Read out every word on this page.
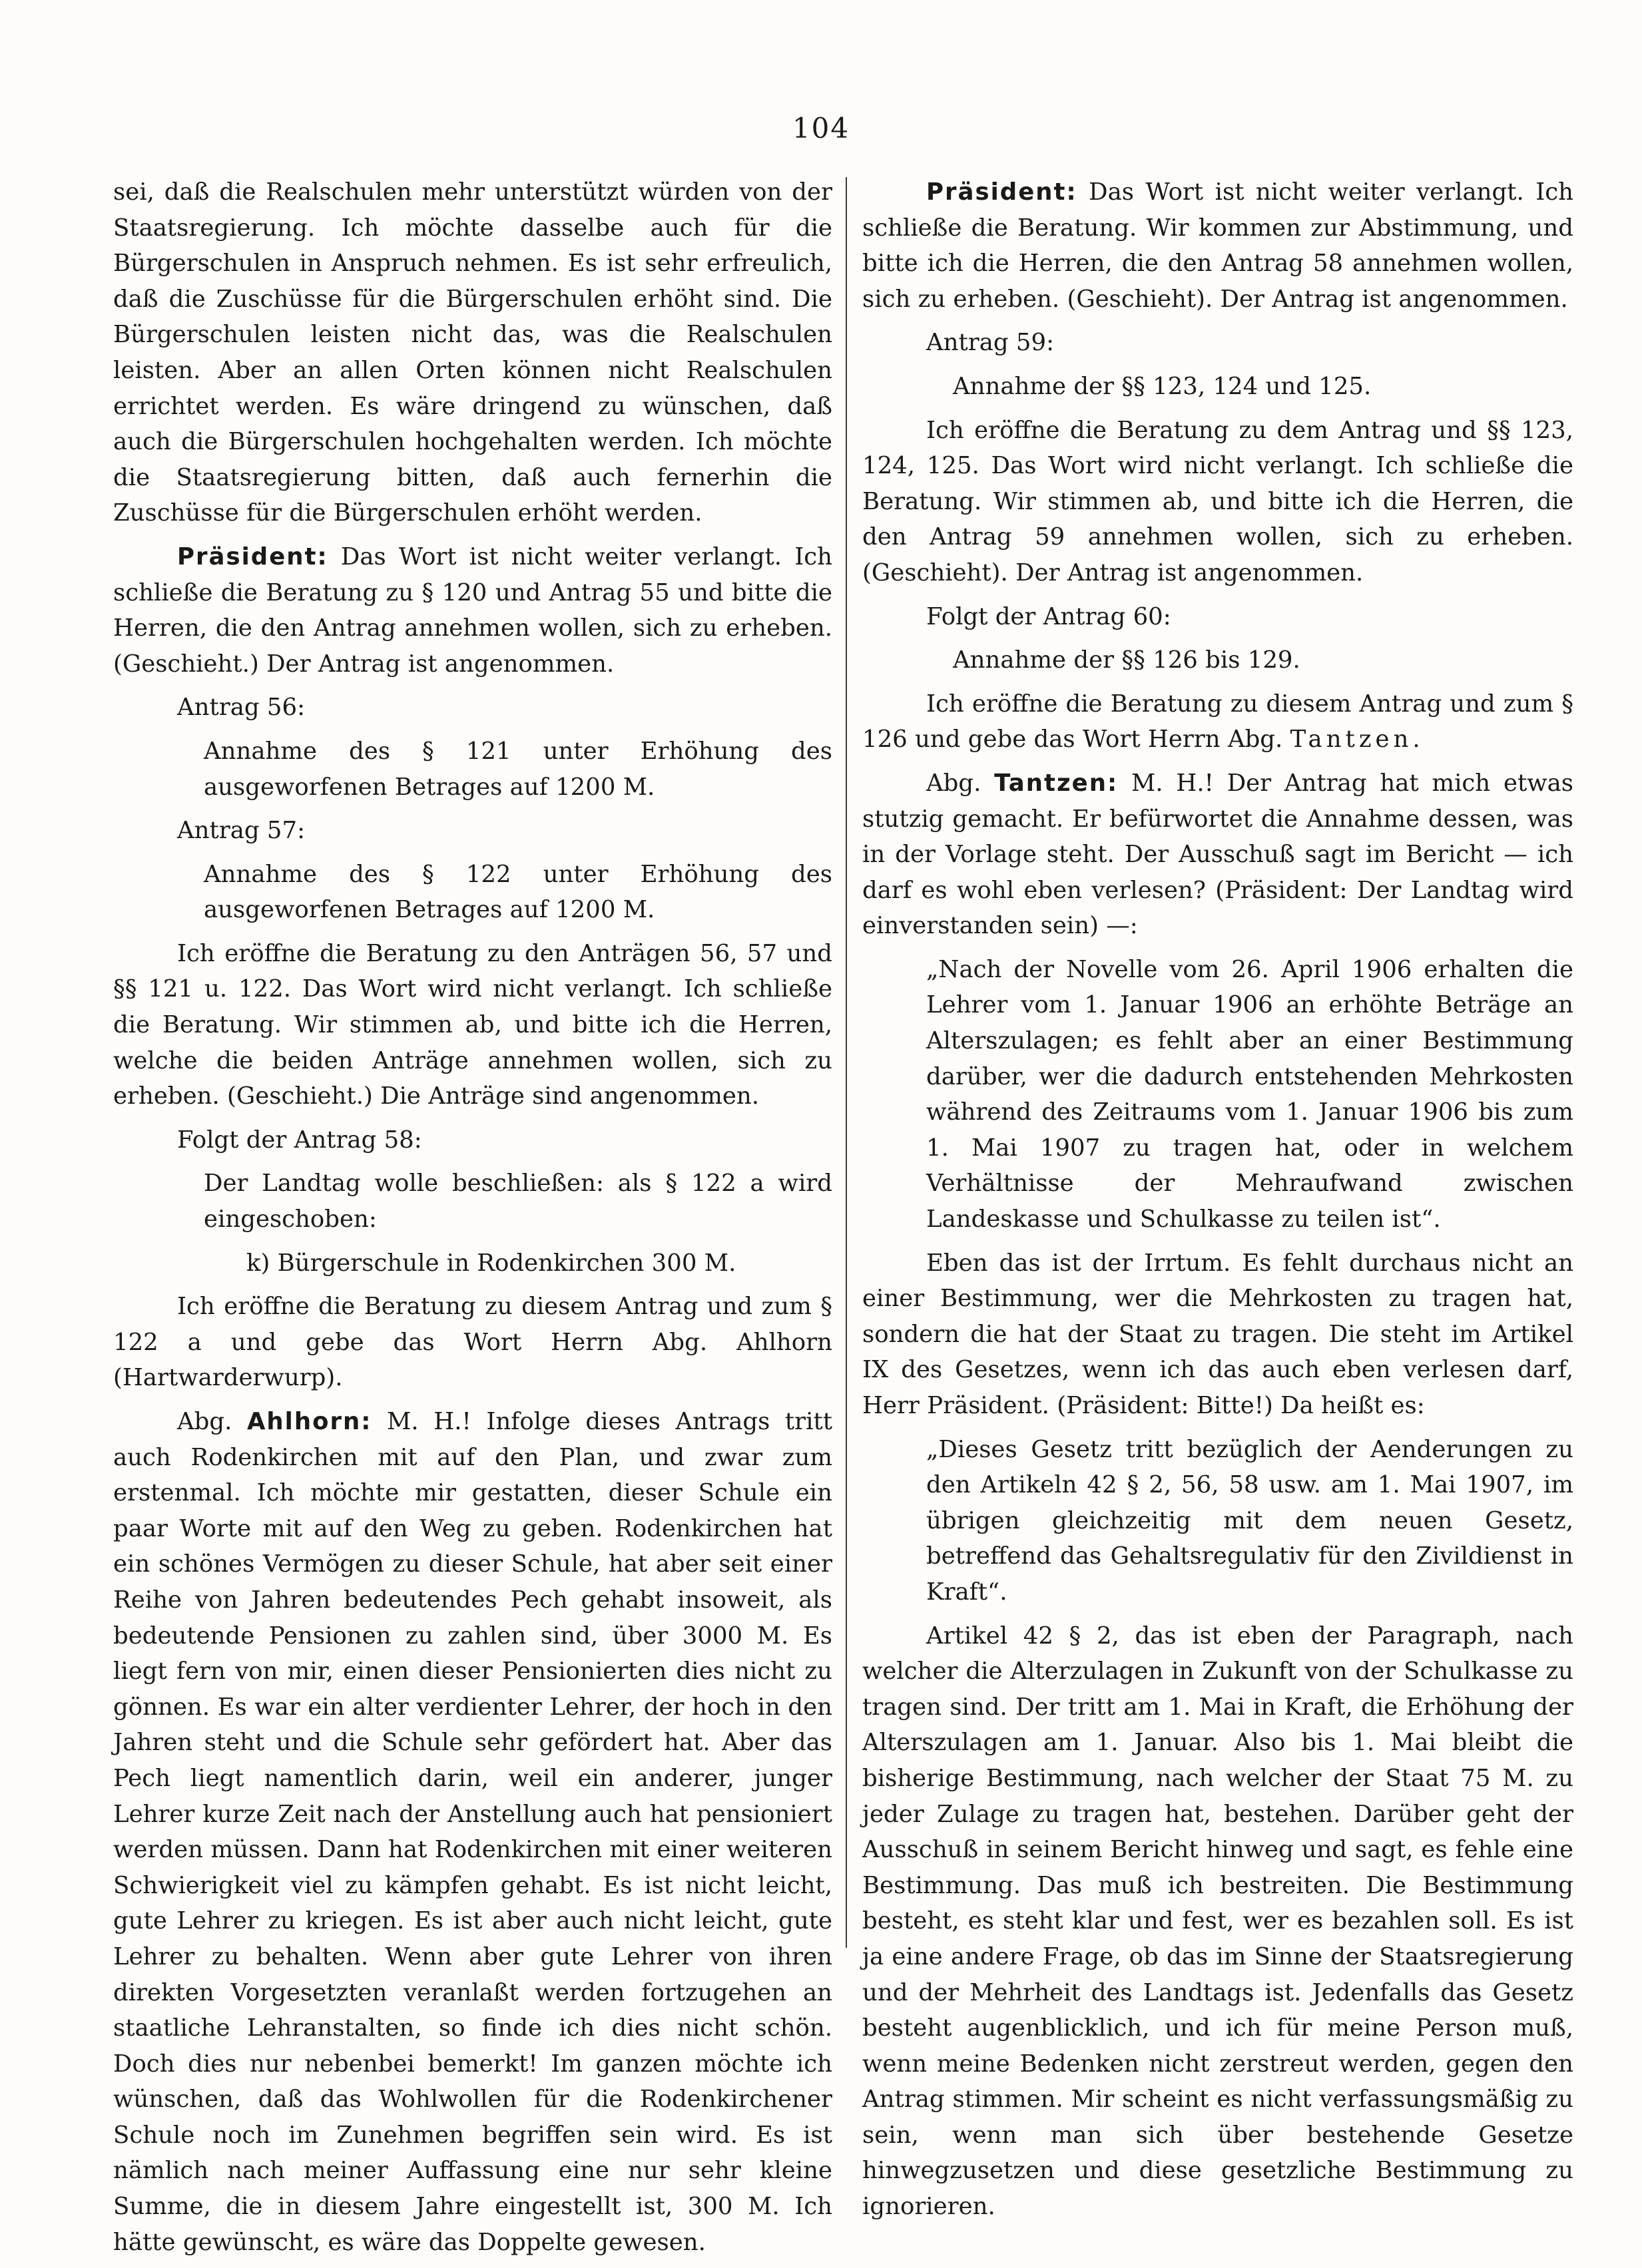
104

sei, daß die Realschulen mehr unterstützt würden von der Staatsregierung. Ich möchte dasselbe auch für die Bürgerschulen in Anspruch nehmen. Es ist sehr erfreulich, daß die Zuschüsse für die Bürgerschulen erhöht sind. Die Bürgerschulen leisten nicht das, was die Realschulen leisten. Aber an allen Orten können nicht Realschulen errichtet werden. Es wäre dringend zu wünschen, daß auch die Bürgerschulen hochgehalten werden. Ich möchte die Staatsregierung bitten, daß auch fernerhin die Zuschüsse für die Bürgerschulen erhöht werden.

Präsident: Das Wort ist nicht weiter verlangt. Ich schließe die Beratung zu § 120 und Antrag 55 und bitte die Herren, die den Antrag annehmen wollen, sich zu erheben. (Geschieht.) Der Antrag ist angenommen.

Antrag 56:

Annahme des § 121 unter Erhöhung des ausgeworfenen Betrages auf 1200 M.

Antrag 57:

Annahme des § 122 unter Erhöhung des ausgeworfenen Betrages auf 1200 M.

Ich eröffne die Beratung zu den Anträgen 56, 57 und §§ 121 u. 122. Das Wort wird nicht verlangt. Ich schließe die Beratung. Wir stimmen ab, und bitte ich die Herren, welche die beiden Anträge annehmen wollen, sich zu erheben. (Geschieht.) Die Anträge sind angenommen.

Folgt der Antrag 58:

Der Landtag wolle beschließen: als § 122 a wird eingeschoben:

k) Bürgerschule in Rodenkirchen 300 M.

Ich eröffne die Beratung zu diesem Antrag und zum § 122 a und gebe das Wort Herrn Abg. Ahlhorn (Hartwarderwurp).

Abg. Ahlhorn: M. H.! Infolge dieses Antrags tritt auch Rodenkirchen mit auf den Plan, und zwar zum erstenmal. Ich möchte mir gestatten, dieser Schule ein paar Worte mit auf den Weg zu geben. Rodenkirchen hat ein schönes Vermögen zu dieser Schule, hat aber seit einer Reihe von Jahren bedeutendes Pech gehabt insoweit, als bedeutende Pensionen zu zahlen sind, über 3000 M. Es liegt fern von mir, einen dieser Pensionierten dies nicht zu gönnen. Es war ein alter verdienter Lehrer, der hoch in den Jahren steht und die Schule sehr gefördert hat. Aber das Pech liegt namentlich darin, weil ein anderer, junger Lehrer kurze Zeit nach der Anstellung auch hat pensioniert werden müssen. Dann hat Rodenkirchen mit einer weiteren Schwierigkeit viel zu kämpfen gehabt. Es ist nicht leicht, gute Lehrer zu kriegen. Es ist aber auch nicht leicht, gute Lehrer zu behalten. Wenn aber gute Lehrer von ihren direkten Vorgesetzten veranlaßt werden fortzugehen an staatliche Lehranstalten, so finde ich dies nicht schön. Doch dies nur nebenbei bemerkt! Im ganzen möchte ich wünschen, daß das Wohlwollen für die Rodenkirchener Schule noch im Zunehmen begriffen sein wird. Es ist nämlich nach meiner Auffassung eine nur sehr kleine Summe, die in diesem Jahre eingestellt ist, 300 M. Ich hätte gewünscht, es wäre das Doppelte gewesen.

Präsident: Das Wort ist nicht weiter verlangt. Ich schließe die Beratung. Wir kommen zur Abstimmung, und bitte ich die Herren, die den Antrag 58 annehmen wollen, sich zu erheben. (Geschieht). Der Antrag ist angenommen.

Antrag 59:

Annahme der §§ 123, 124 und 125.

Ich eröffne die Beratung zu dem Antrag und §§ 123, 124, 125. Das Wort wird nicht verlangt. Ich schließe die Beratung. Wir stimmen ab, und bitte ich die Herren, die den Antrag 59 annehmen wollen, sich zu erheben. (Geschieht). Der Antrag ist angenommen.

Folgt der Antrag 60:

Annahme der §§ 126 bis 129.

Ich eröffne die Beratung zu diesem Antrag und zum § 126 und gebe das Wort Herrn Abg. Tantzen.

Abg. Tantzen: M. H.! Der Antrag hat mich etwas stutzig gemacht. Er befürwortet die Annahme dessen, was in der Vorlage steht. Der Ausschuß sagt im Bericht — ich darf es wohl eben verlesen? (Präsident: Der Landtag wird einverstanden sein) —:

„Nach der Novelle vom 26. April 1906 erhalten die Lehrer vom 1. Januar 1906 an erhöhte Beträge an Alterszulagen; es fehlt aber an einer Bestimmung darüber, wer die dadurch entstehenden Mehrkosten während des Zeitraums vom 1. Januar 1906 bis zum 1. Mai 1907 zu tragen hat, oder in welchem Verhältnisse der Mehraufwand zwischen Landeskasse und Schulkasse zu teilen ist“.

Eben das ist der Irrtum. Es fehlt durchaus nicht an einer Bestimmung, wer die Mehrkosten zu tragen hat, sondern die hat der Staat zu tragen. Die steht im Artikel IX des Gesetzes, wenn ich das auch eben verlesen darf, Herr Präsident. (Präsident: Bitte!) Da heißt es:

„Dieses Gesetz tritt bezüglich der Aenderungen zu den Artikeln 42 § 2, 56, 58 usw. am 1. Mai 1907, im übrigen gleichzeitig mit dem neuen Gesetz, betreffend das Gehaltsregulativ für den Zivildienst in Kraft“.

Artikel 42 § 2, das ist eben der Paragraph, nach welcher die Alterzulagen in Zukunft von der Schulkasse zu tragen sind. Der tritt am 1. Mai in Kraft, die Erhöhung der Alterszulagen am 1. Januar. Also bis 1. Mai bleibt die bisherige Bestimmung, nach welcher der Staat 75 M. zu jeder Zulage zu tragen hat, bestehen. Darüber geht der Ausschuß in seinem Bericht hinweg und sagt, es fehle eine Bestimmung. Das muß ich bestreiten. Die Bestimmung besteht, es steht klar und fest, wer es bezahlen soll. Es ist ja eine andere Frage, ob das im Sinne der Staatsregierung und der Mehrheit des Landtags ist. Jedenfalls das Gesetz besteht augenblicklich, und ich für meine Person muß, wenn meine Bedenken nicht zerstreut werden, gegen den Antrag stimmen. Mir scheint es nicht verfassungsmäßig zu sein, wenn man sich über bestehende Gesetze hinwegzusetzen und diese gesetzliche Bestimmung zu ignorieren.
